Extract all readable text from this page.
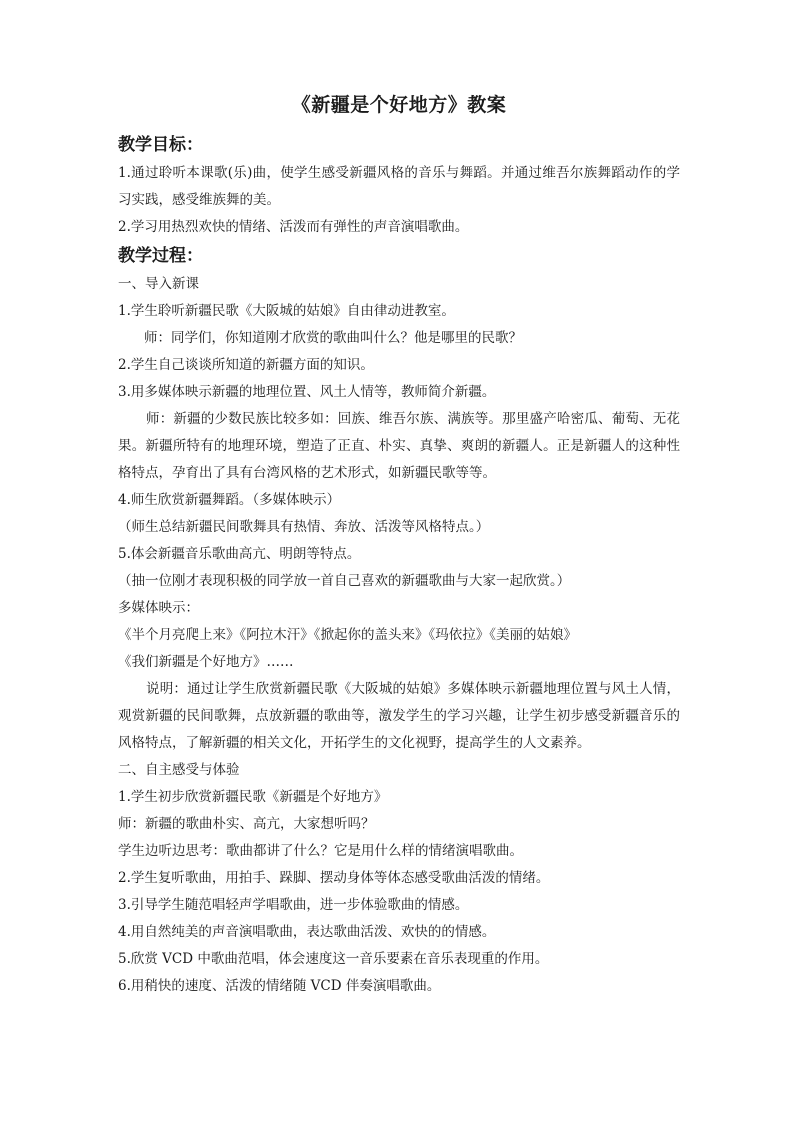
《新疆是个好地方》教案
教学目标：

1.通过聆听本课歌(乐)曲，使学生感受新疆风格的音乐与舞蹈。并通过维吾尔族舞蹈动作的学习实践，感受维族舞的美。

2.学习用热烈欢快的情绪、活泼而有弹性的声音演唱歌曲。

教学过程：

一、导入新课

1.学生聆听新疆民歌《大阪城的姑娘》自由律动进教室。

师：同学们，你知道刚才欣赏的歌曲叫什么？他是哪里的民歌？

2.学生自己谈谈所知道的新疆方面的知识。

3.用多媒体映示新疆的地理位置、风土人情等，教师简介新疆。

师：新疆的少数民族比较多如：回族、维吾尔族、满族等。那里盛产哈密瓜、葡萄、无花果。新疆所特有的地理环境，塑造了正直、朴实、真挚、爽朗的新疆人。正是新疆人的这种性格特点，孕育出了具有台湾风格的艺术形式，如新疆民歌等等。

4.师生欣赏新疆舞蹈。（多媒体映示）

（师生总结新疆民间歌舞具有热情、奔放、活泼等风格特点。）

5.体会新疆音乐歌曲高亢、明朗等特点。

（抽一位刚才表现积极的同学放一首自己喜欢的新疆歌曲与大家一起欣赏。）

多媒体映示：

《半个月亮爬上来》《阿拉木汗》《掀起你的盖头来》《玛依拉》《美丽的姑娘》

《我们新疆是个好地方》……

说明：通过让学生欣赏新疆民歌《大阪城的姑娘》多媒体映示新疆地理位置与风土人情，观赏新疆的民间歌舞，点放新疆的歌曲等，激发学生的学习兴趣，让学生初步感受新疆音乐的风格特点，了解新疆的相关文化，开拓学生的文化视野，提高学生的人文素养。

二、自主感受与体验

1.学生初步欣赏新疆民歌《新疆是个好地方》

师：新疆的歌曲朴实、高亢，大家想听吗？

学生边听边思考：歌曲都讲了什么？它是用什么样的情绪演唱歌曲。

2.学生复听歌曲，用拍手、跺脚、摆动身体等体态感受歌曲活泼的情绪。

3.引导学生随范唱轻声学唱歌曲，进一步体验歌曲的情感。

4.用自然纯美的声音演唱歌曲，表达歌曲活泼、欢快的的情感。

5.欣赏 VCD 中歌曲范唱，体会速度这一音乐要素在音乐表现重的作用。

6.用稍快的速度、活泼的情绪随 VCD 伴奏演唱歌曲。
